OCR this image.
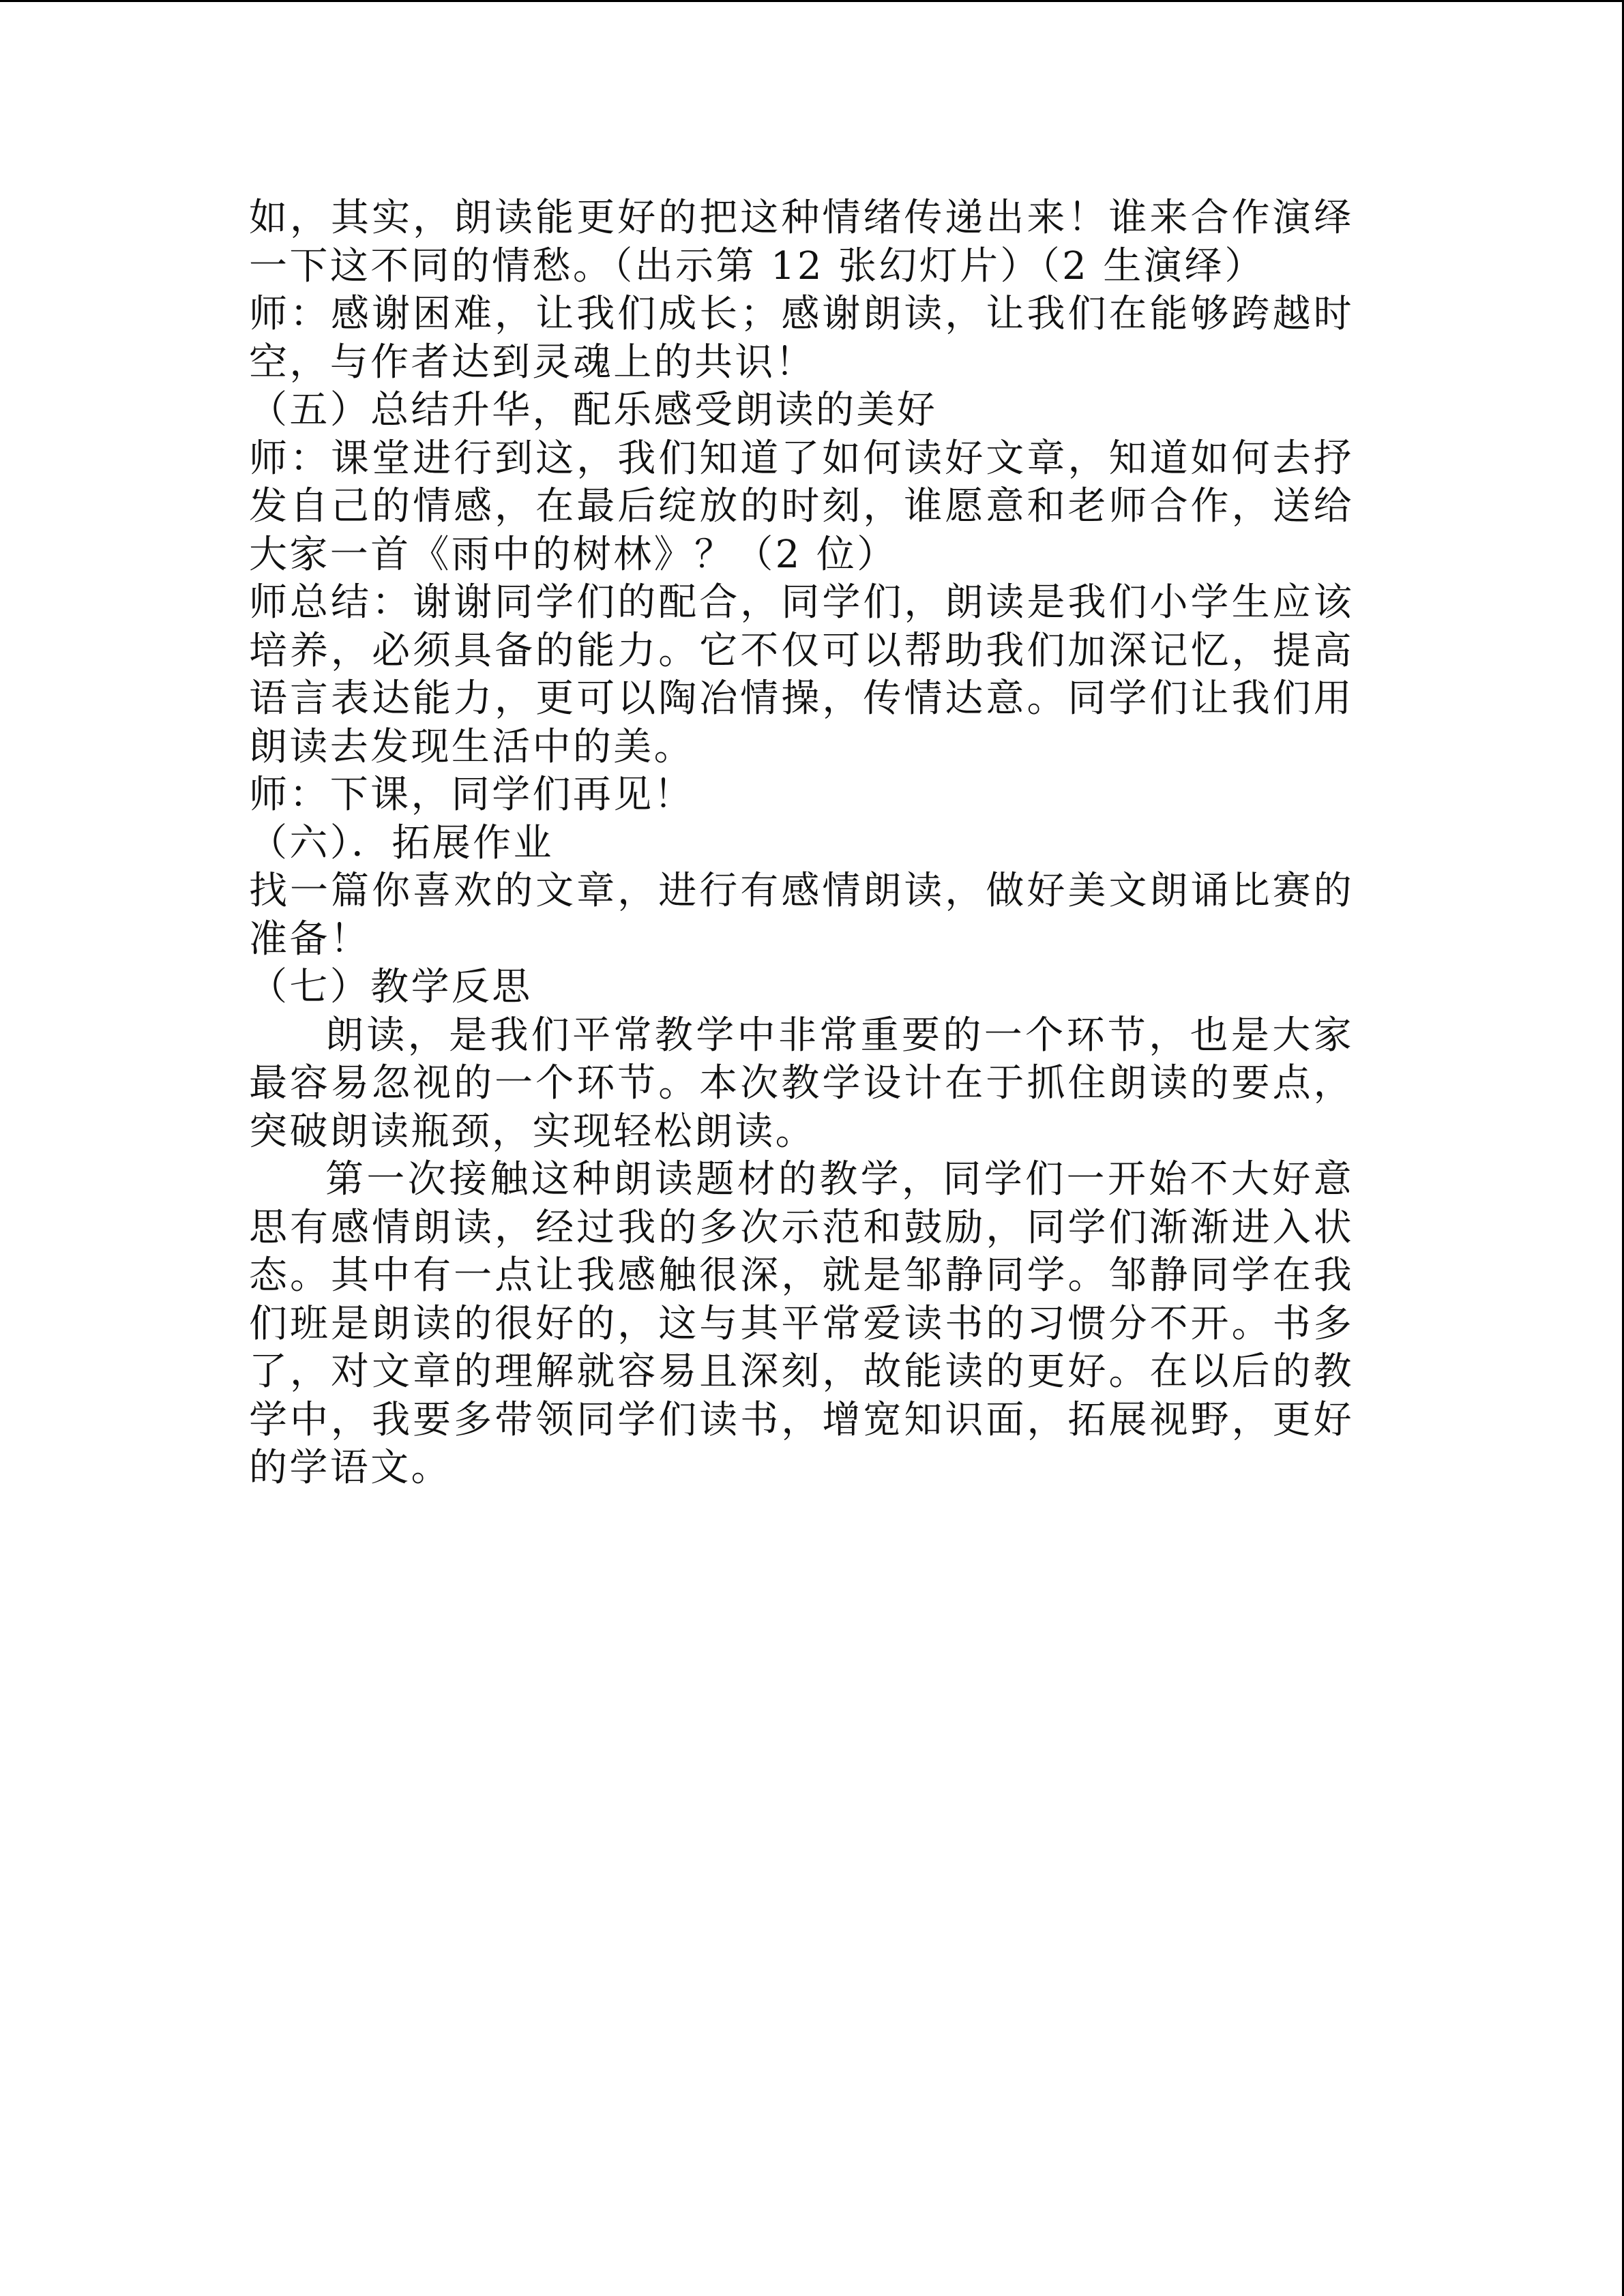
如，其实，朗读能更好的把这种情绪传递出来！谁来合作演绎一下这不同的情愁。（出示第 12 张幻灯片）（2 生演绎）

师：感谢困难，让我们成长；感谢朗读，让我们在能够跨越时空，与作者达到灵魂上的共识！

（五）总结升华，配乐感受朗读的美好

师：课堂进行到这，我们知道了如何读好文章，知道如何去抒发自己的情感，在最后绽放的时刻，谁愿意和老师合作，送给大家一首《雨中的树林》？（2 位）

师总结：谢谢同学们的配合，同学们，朗读是我们小学生应该培养，必须具备的能力。它不仅可以帮助我们加深记忆，提高语言表达能力，更可以陶冶情操，传情达意。同学们让我们用朗读去发现生活中的美。

师：下课，同学们再见！

（六）．拓展作业

找一篇你喜欢的文章，进行有感情朗读，做好美文朗诵比赛的准备！

（七）教学反思

朗读，是我们平常教学中非常重要的一个环节，也是大家最容易忽视的一个环节。本次教学设计在于抓住朗读的要点，突破朗读瓶颈，实现轻松朗读。

第一次接触这种朗读题材的教学，同学们一开始不大好意思有感情朗读，经过我的多次示范和鼓励，同学们渐渐进入状态。其中有一点让我感触很深，就是邹静同学。邹静同学在我们班是朗读的很好的，这与其平常爱读书的习惯分不开。书多了，对文章的理解就容易且深刻，故能读的更好。在以后的教学中，我要多带领同学们读书，增宽知识面，拓展视野，更好的学语文。
